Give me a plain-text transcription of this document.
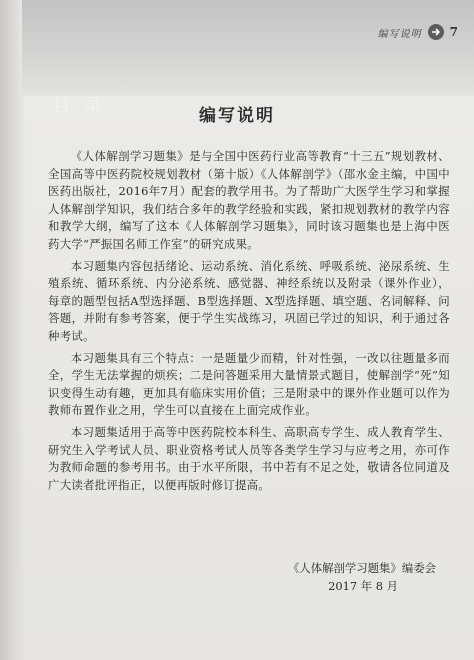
编写说明 7
目 录	编写说明

《人体解剖学习题集》是与全国中医药行业高等教育“十三五”规划教材、全国高等中医药院校规划教材（第十版）《人体解剖学》（邵水金主编，中国中医药出版社，2016年7月）配套的教学用书。为了帮助广大医学生学习和掌握人体解剖学知识，我们结合多年的教学经验和实践，紧扣规划教材的教学内容和教学大纲，编写了这本《人体解剖学习题集》，同时该习题集也是上海中医药大学“严振国名师工作室”的研究成果。

本习题集内容包括绪论、运动系统、消化系统、呼吸系统、泌尿系统、生殖系统、循环系统、内分泌系统、感觉器、神经系统以及附录（课外作业），每章的题型包括A型选择题、B型选择题、X型选择题、填空题、名词解释、问答题，并附有参考答案，便于学生实战练习，巩固已学过的知识，利于通过各种考试。

本习题集具有三个特点：一是题量少而精，针对性强，一改以往题量多而全，学生无法掌握的烦疾；二是问答题采用大量情景式题目，使解剖学“死”知识变得生动有趣，更加具有临床实用价值；三是附录中的课外作业题可以作为教师布置作业之用，学生可以直接在上面完成作业。

本习题集适用于高等中医药院校本科生、高职高专学生、成人教育学生、研究生入学考试人员、职业资格考试人员等各类学生学习与应考之用，亦可作为教师命题的参考用书。由于水平所限，书中若有不足之处，敬请各位同道及广大读者批评指正，以便再版时修订提高。

《人体解剖学习题集》编委会
2017 年 8 月
